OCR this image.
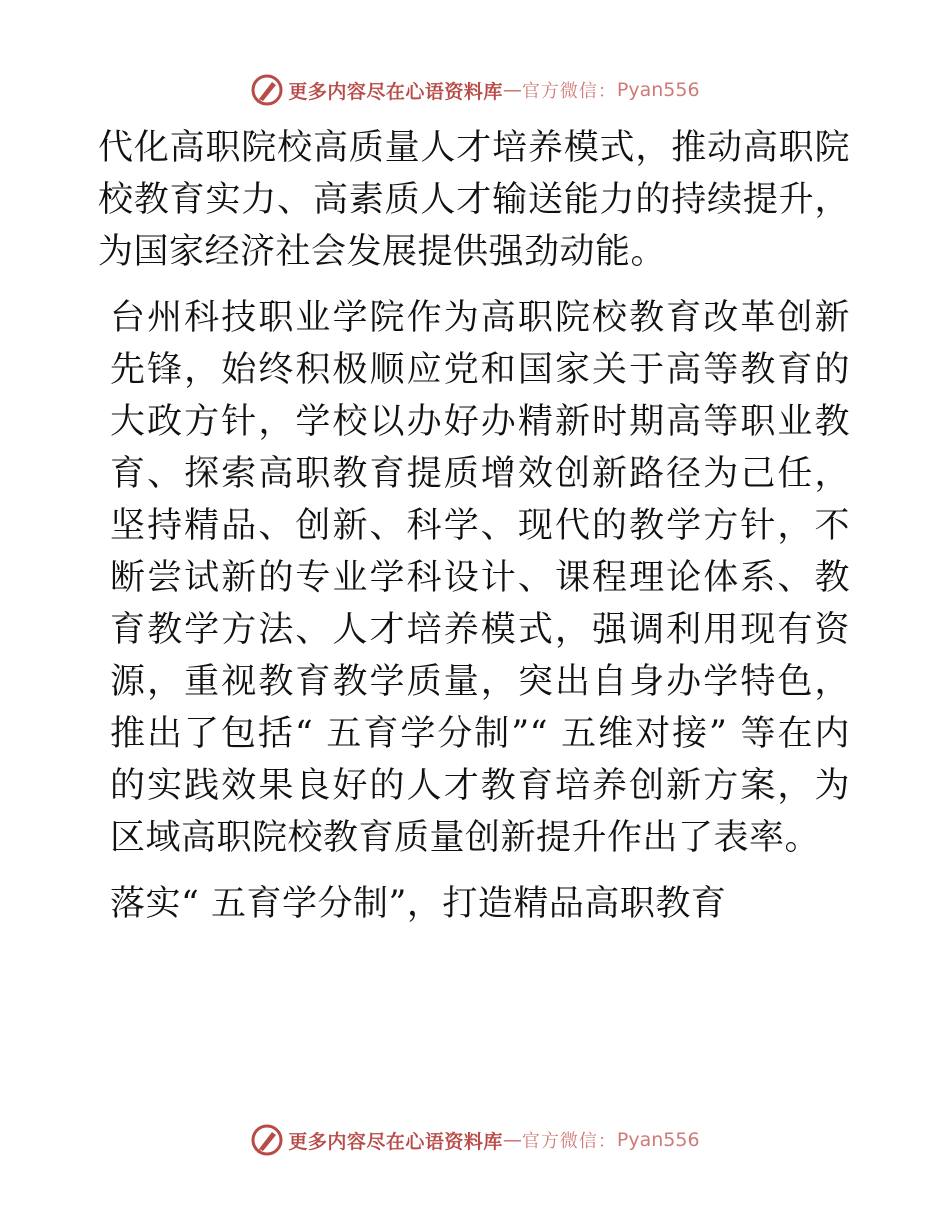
更多内容尽在心语资料库 — 官方微信： Pyan556

代化高职院校高质量人才培养模式，推动高职院校教育实力、高素质人才输送能力的持续提升，为国家经济社会发展提供强劲动能。

台州科技职业学院作为高职院校教育改革创新先锋，始终积极顺应党和国家关于高等教育的大政方针，学校以办好办精新时期高等职业教育、探索高职教育提质增效创新路径为己任，坚持精品、创新、科学、现代的教学方针，不断尝试新的专业学科设计、课程理论体系、教育教学方法、人才培养模式，强调利用现有资源，重视教育教学质量，突出自身办学特色，推出了包括“ 五育学分制”“ 五维对接” 等在内的实践效果良好的人才教育培养创新方案，为区域高职院校教育质量创新提升作出了表率。

落实“ 五育学分制”，打造精品高职教育

更多内容尽在心语资料库 — 官方微信： Pyan556
